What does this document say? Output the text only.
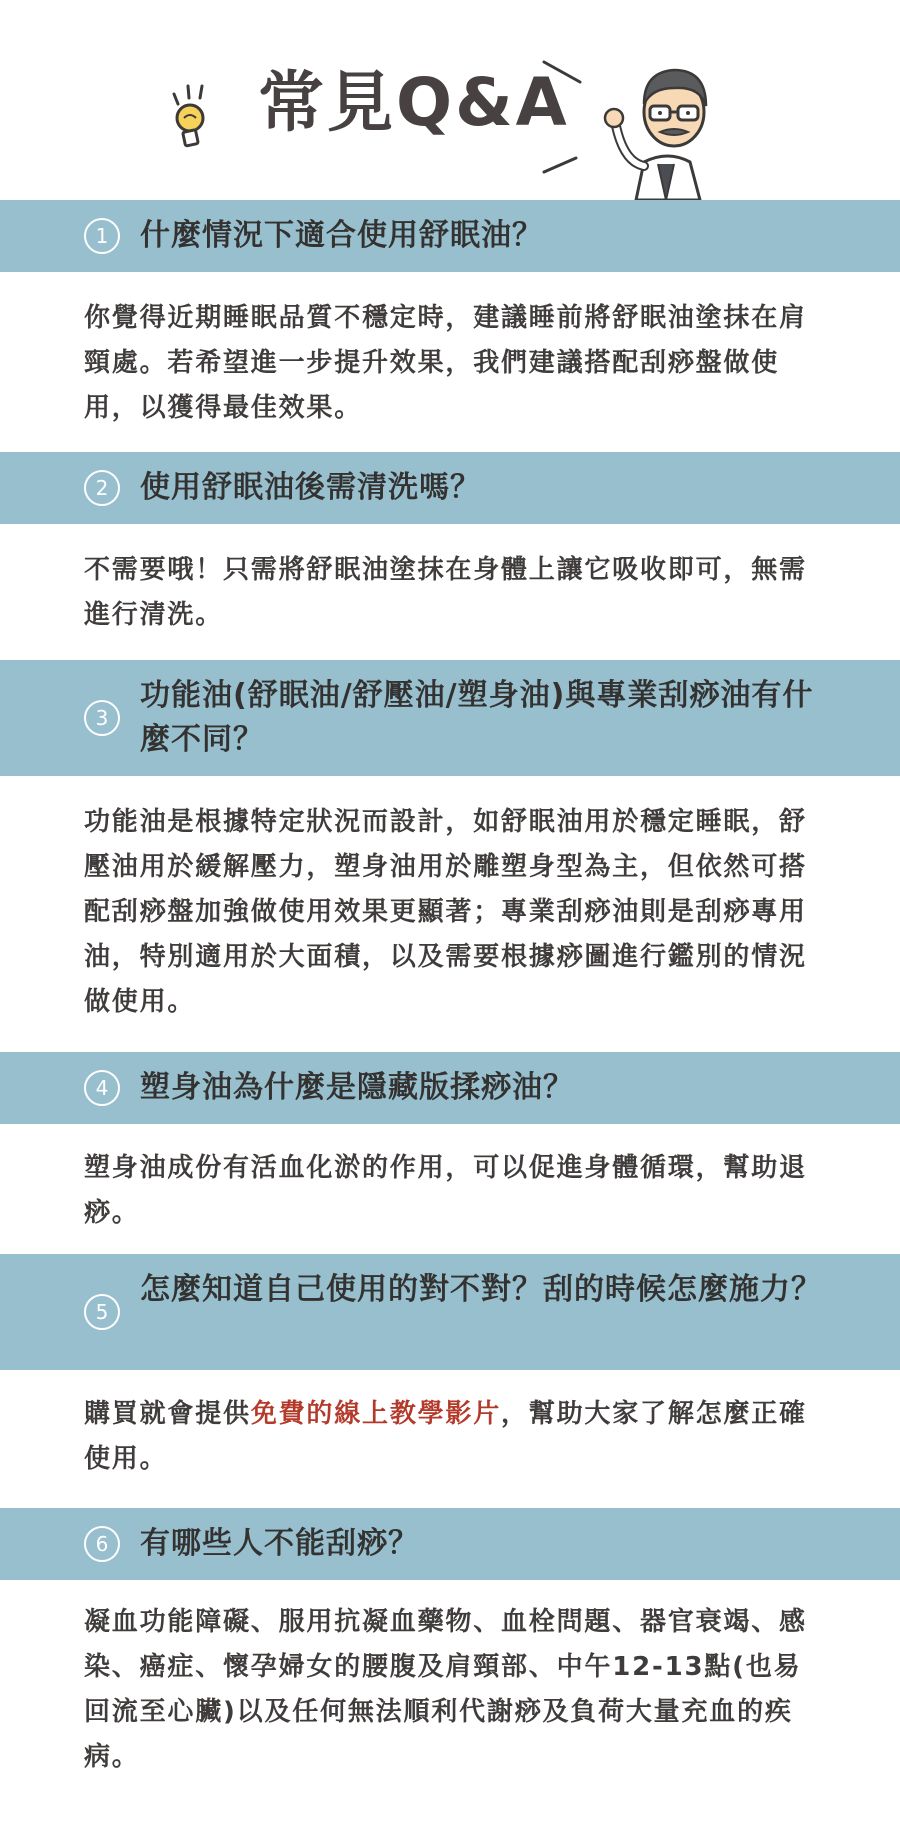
常見Q&A
1	什麼情況下適合使用舒眠油？
你覺得近期睡眠品質不穩定時，建議睡前將舒眠油塗抹在肩頸處。若希望進一步提升效果，我們建議搭配刮痧盤做使用，以獲得最佳效果。
2	使用舒眠油後需清洗嗎？
不需要哦！只需將舒眠油塗抹在身體上讓它吸收即可，無需進行清洗。
3
功能油(舒眠油/舒壓油/塑身油)與專業刮痧油有什麼不同？
功能油是根據特定狀況而設計，如舒眠油用於穩定睡眠，舒壓油用於緩解壓力，塑身油用於雕塑身型為主，但依然可搭配刮痧盤加強做使用效果更顯著；專業刮痧油則是刮痧專用油，特別適用於大面積，以及需要根據痧圖進行鑑別的情況做使用。
4	塑身油為什麼是隱藏版揉痧油？
塑身油成份有活血化淤的作用，可以促進身體循環，幫助退痧。
5
怎麼知道自己使用的對不對？刮的時候怎麼施力？
購買就會提供免費的線上教學影片，幫助大家了解怎麼正確使用。
6	有哪些人不能刮痧？
凝血功能障礙、服用抗凝血藥物、血栓問題、器官衰竭、感染、癌症、懷孕婦女的腰腹及肩頸部、中午12-13點(也易回流至心臟)以及任何無法順利代謝痧及負荷大量充血的疾病。
